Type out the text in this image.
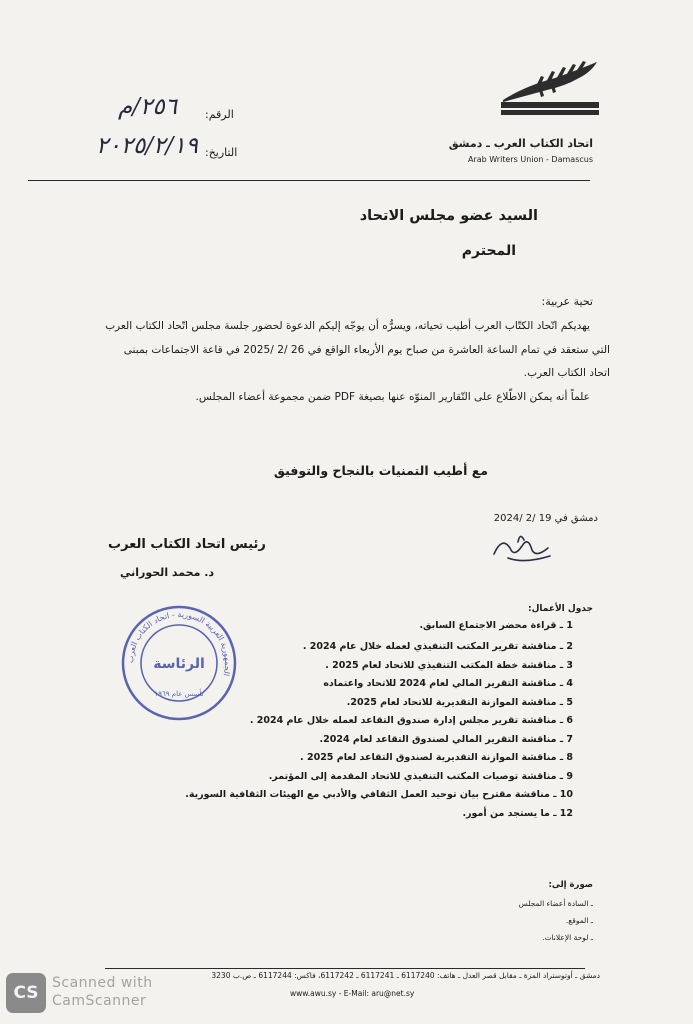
اتحاد الكتاب العرب ـ دمشق
Arab Writers Union - Damascus
الرقم:
٢٥٦/م
التاريخ:
٢٠٢٥/٢/١٩
السيد عضو مجلس الاتحاد
المحترم
تحية عربية:

يهديكم اتّحاد الكتّاب العرب أطيب تحياته، ويسرُّه أن يوجّه إليكم الدعوة لحضور جلسة مجلس اتّحاد الكتاب العرب التي ستعقد في تمام الساعة العاشرة من صباح يوم الأربعاء الواقع في 26 /2 /2025 في قاعة الاجتماعات بمبنى اتحاد الكتاب العرب.

علماً أنه يمكن الاطّلاع على التّقارير المنوّه عنها بصيغة PDF ضمن مجموعة أعضاء المجلس.

مع أطيب التمنيات بالنجاح والتوفيق
دمشق في 19 /2 /2024
رئيس اتحاد الكتاب العرب
د. محمد الحوراني
الجمهورية العربية السورية - اتحاد الكتاب العرب
الرئاسة
تأسس عام ١٩٦٩
جدول الأعمال:
1 ـ قراءة محضر الاجتماع السابق.
2 ـ مناقشة تقرير المكتب التنفيذي لعمله خلال عام 2024 .
3 ـ مناقشة خطة المكتب التنفيذي للاتحاد لعام 2025 .
4 ـ مناقشة التقرير المالي لعام 2024 للاتحاد واعتماده
5 ـ مناقشة الموازنة التقديرية للاتحاد لعام 2025.
6 ـ مناقشة تقرير مجلس إدارة صندوق التقاعد لعمله خلال عام 2024 .
7 ـ مناقشة التقرير المالي لصندوق التقاعد لعام 2024.
8 ـ مناقشة الموازنة التقديرية لصندوق التقاعد لعام 2025 .
9 ـ مناقشة توصيات المكتب التنفيذي للاتحاد المقدمة إلى المؤتمر.
10 ـ مناقشة مقترح بيان توحيد العمل الثقافي والأدبي مع الهيئات الثقافية السورية.
12 ـ ما يستجد من أمور.
صورة إلى:
ـ السادة أعضاء المجلس
ـ الموقع.
ـ لوحة الإعلانات.
دمشق ـ أوتوستراد المزة ـ مقابل قصر العدل ـ هاتف: 6117240 ـ 6117241 ـ 6117242، فاكس: 6117244 ـ ص.ب 3230
www.awu.sy - E-Mail: aru@net.sy
CS Scanned with
CamScanner
